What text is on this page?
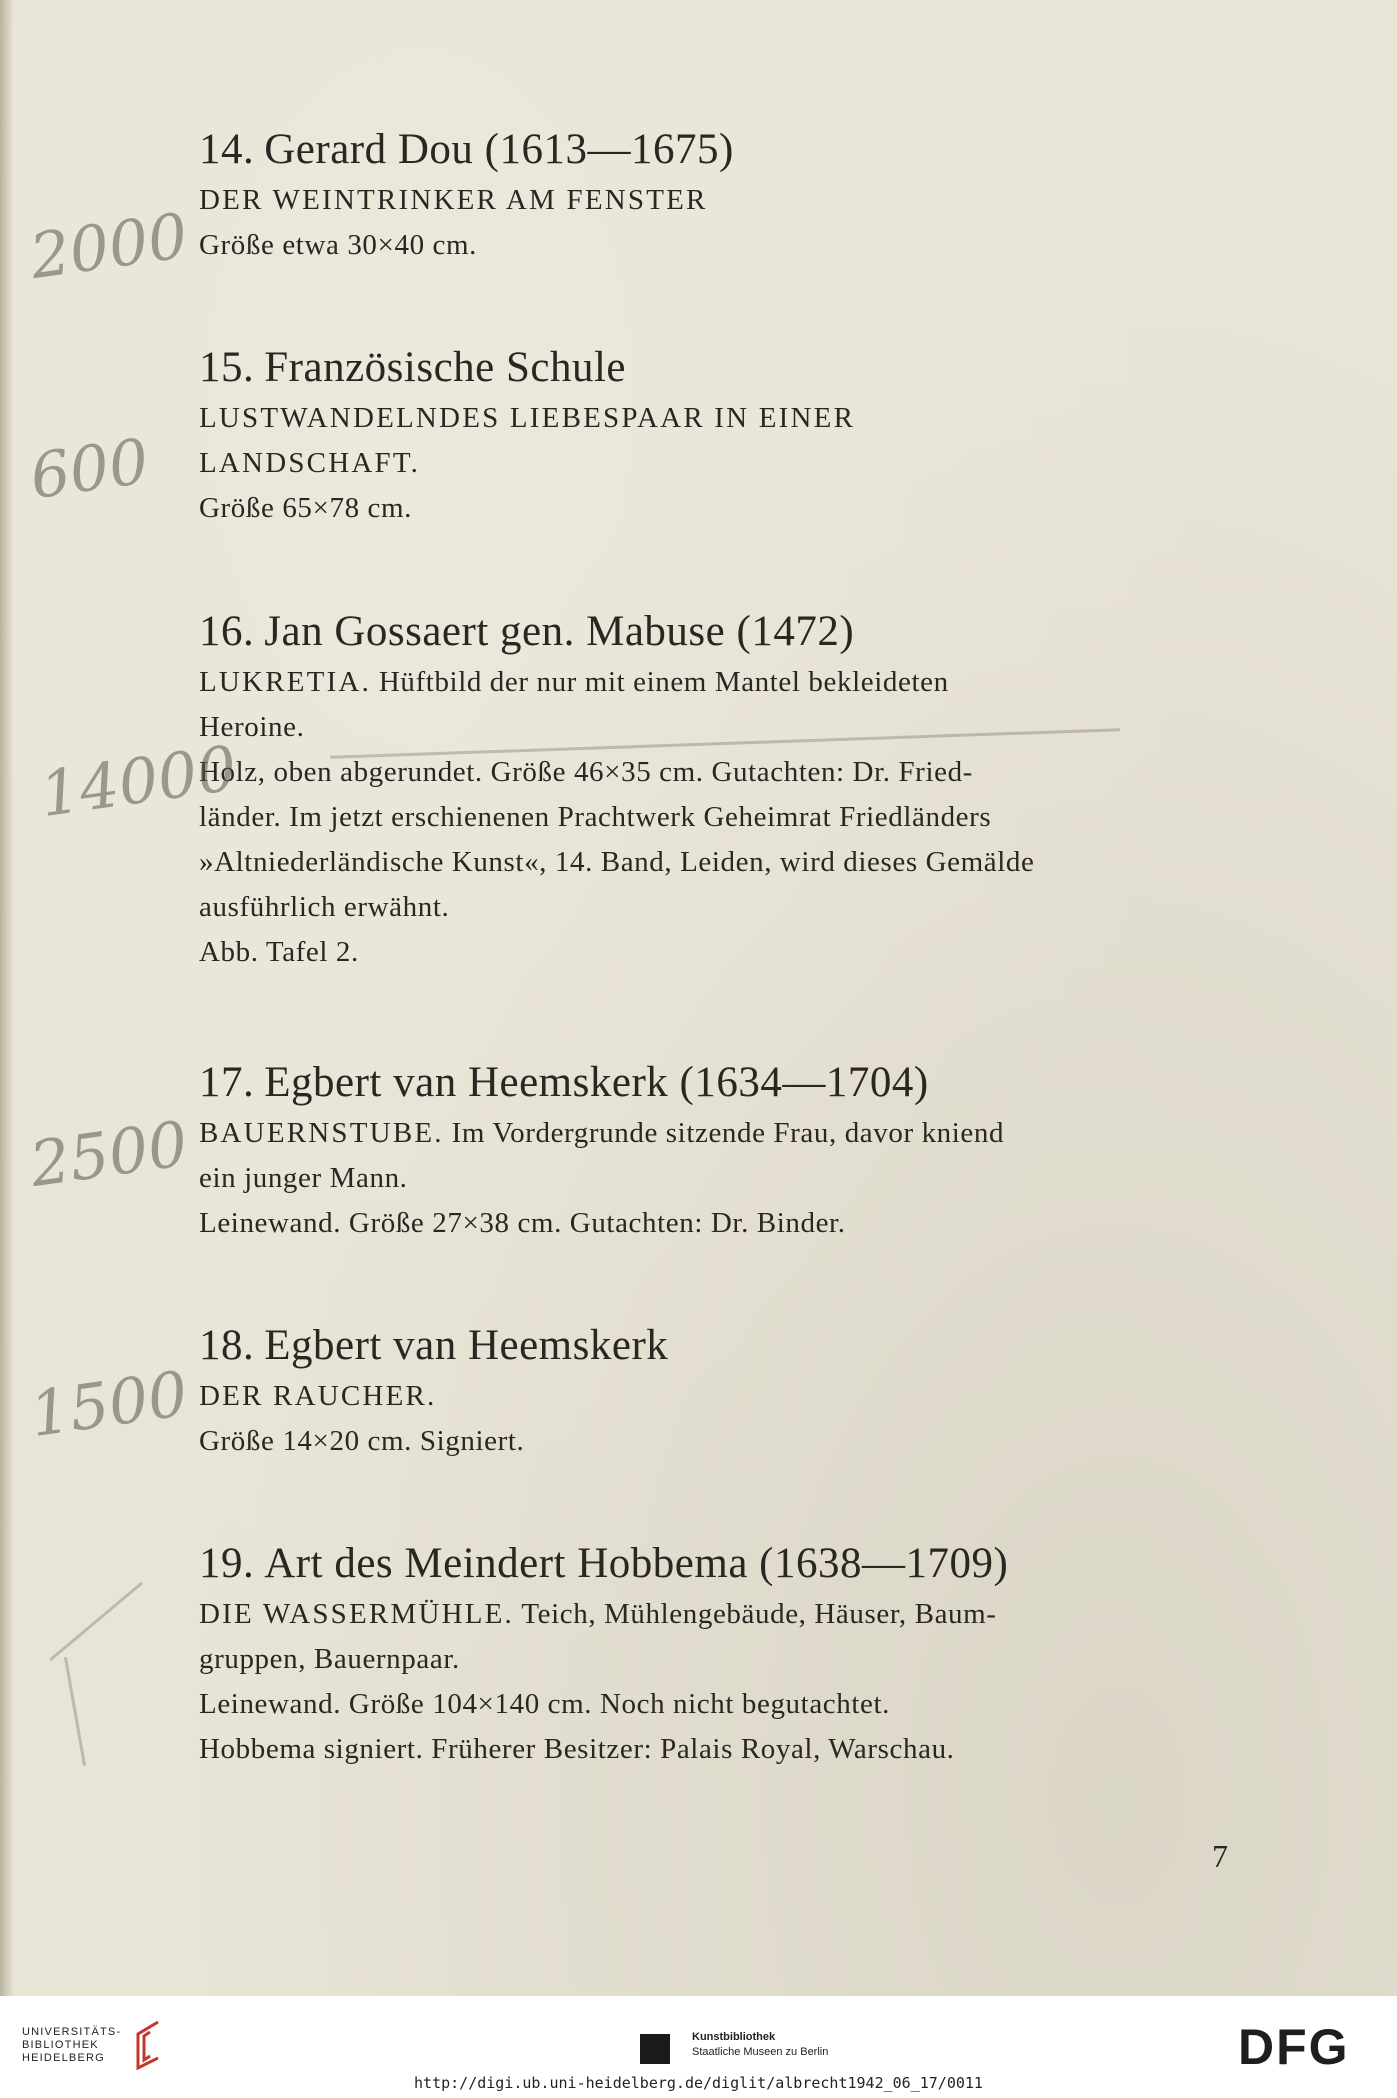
14. Gerard Dou (1613—1675)

DER WEINTRINKER AM FENSTER

Größe etwa 30×40 cm.

15. Französische Schule

LUSTWANDELNDES LIEBESPAAR IN EINER

LANDSCHAFT.

Größe 65×78 cm.

16. Jan Gossaert gen. Mabuse (1472)

LUKRETIA. Hüftbild der nur mit einem Mantel bekleideten

Heroine.

Holz, oben abgerundet. Größe 46×35 cm. Gutachten: Dr. Fried-

länder. Im jetzt erschienenen Prachtwerk Geheimrat Friedländers

»Altniederländische Kunst«, 14. Band, Leiden, wird dieses Gemälde

ausführlich erwähnt.

Abb. Tafel 2.

17. Egbert van Heemskerk (1634—1704)

BAUERNSTUBE. Im Vordergrunde sitzende Frau, davor kniend

ein junger Mann.

Leinewand. Größe 27×38 cm. Gutachten: Dr. Binder.

18. Egbert van Heemskerk

DER RAUCHER.

Größe 14×20 cm. Signiert.

19. Art des Meindert Hobbema (1638—1709)

DIE WASSERMÜHLE. Teich, Mühlengebäude, Häuser, Baum-

gruppen, Bauernpaar.

Leinewand. Größe 104×140 cm. Noch nicht begutachtet.

Hobbema signiert. Früherer Besitzer: Palais Royal, Warschau.

2000
600
14000
2500
1500
7
UNIVERSITÄTS-
BIBLIOTHEK
HEIDELBERG
Kunstbibliothek
Staatliche Museen zu Berlin	DFG
http://digi.ub.uni-heidelberg.de/diglit/albrecht1942_06_17/0011
